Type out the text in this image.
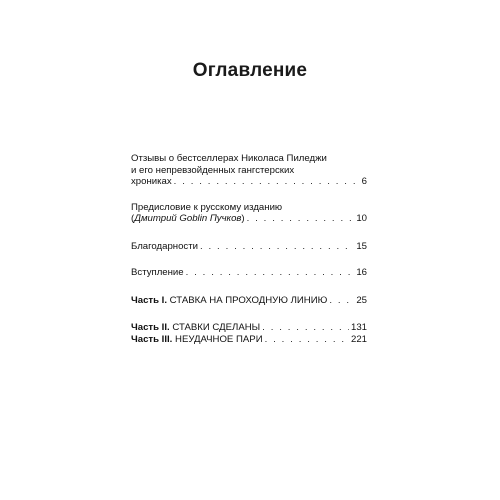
Оглавление
Отзывы о бестселлерах Николаса Пиледжи
и его непревзойденных гангстерских
хрониках . . .	6
Предисловие к русскому изданию
(Дмитрий Goblin Пучков) . . .	10
Благодарности . . .	15
Вступление . . .	16
Часть I. СТАВКА НА ПРОХОДНУЮ ЛИНИЮ . . .	25
Часть II. СТАВКИ СДЕЛАНЫ . . .	131
Часть III. НЕУДАЧНОЕ ПАРИ . . .	221
